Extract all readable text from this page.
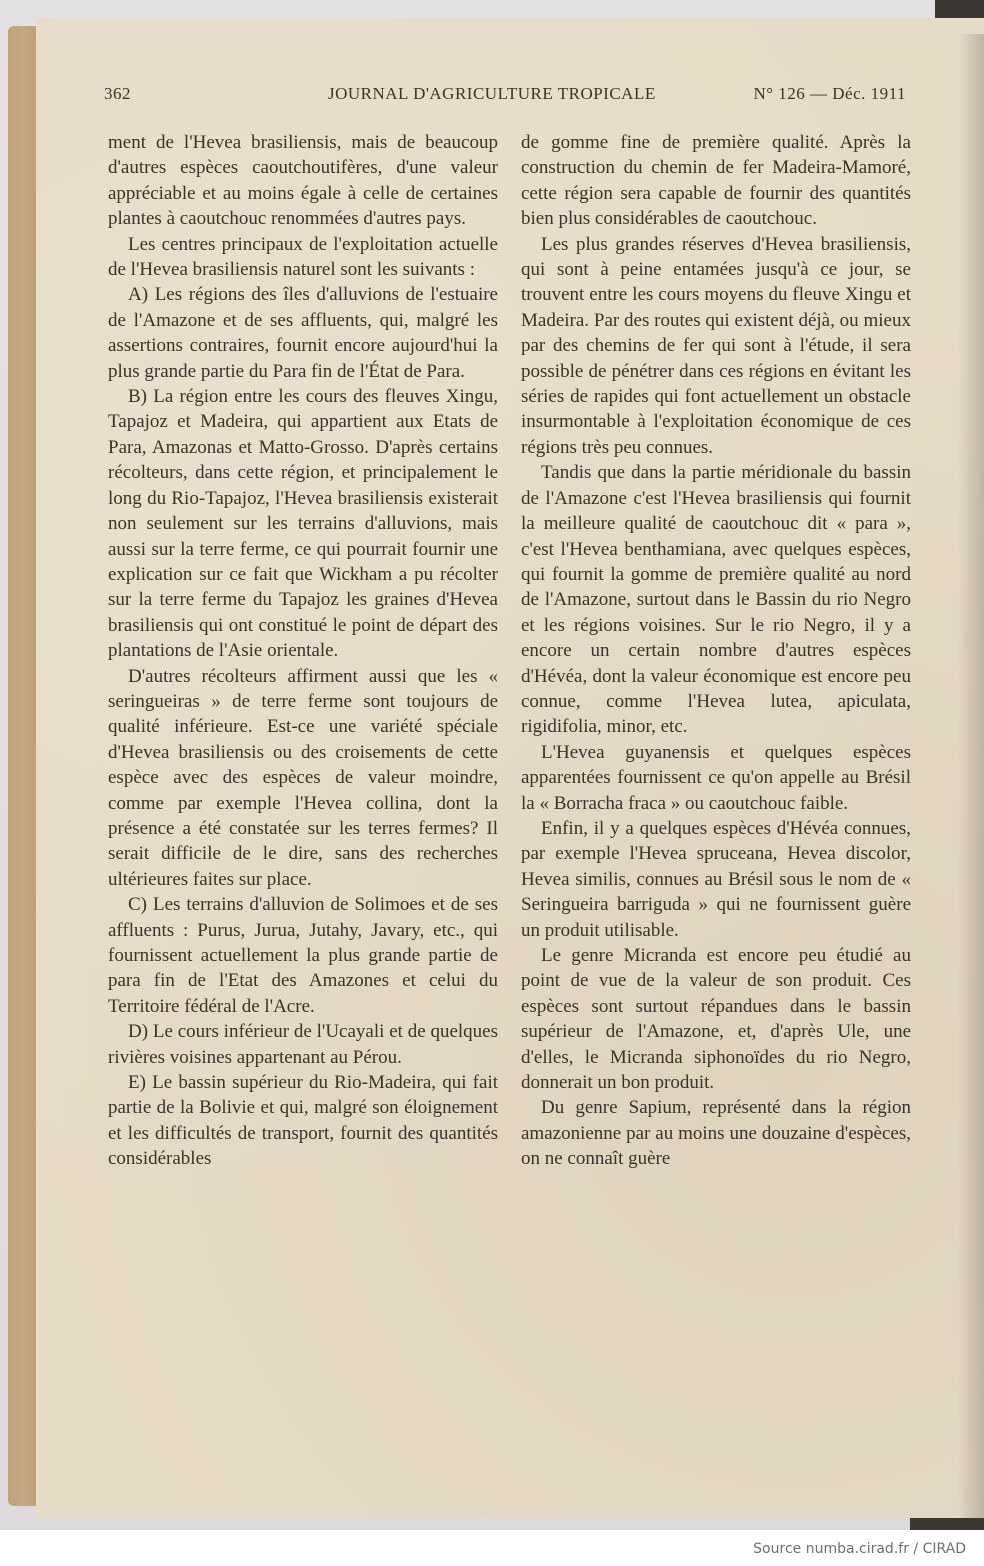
362	JOURNAL D'AGRICULTURE TROPICALE	N° 126 — Déc. 1911

ment de l'Hevea brasiliensis, mais de beaucoup d'autres espèces caoutchoutifères, d'une valeur appréciable et au moins égale à celle de certaines plantes à caoutchouc renommées d'autres pays.

Les centres principaux de l'exploitation actuelle de l'Hevea brasiliensis naturel sont les suivants :

A) Les régions des îles d'alluvions de l'estuaire de l'Amazone et de ses affluents, qui, malgré les assertions contraires, fournit encore aujourd'hui la plus grande partie du Para fin de l'État de Para.

B) La région entre les cours des fleuves Xingu, Tapajoz et Madeira, qui appartient aux Etats de Para, Amazonas et Matto-Grosso. D'après certains récolteurs, dans cette région, et principalement le long du Rio-Tapajoz, l'Hevea brasiliensis existerait non seulement sur les terrains d'alluvions, mais aussi sur la terre ferme, ce qui pourrait fournir une explication sur ce fait que Wickham a pu récolter sur la terre ferme du Tapajoz les graines d'Hevea brasiliensis qui ont constitué le point de départ des plantations de l'Asie orientale.

D'autres récolteurs affirment aussi que les « seringueiras » de terre ferme sont toujours de qualité inférieure. Est-ce une variété spéciale d'Hevea brasiliensis ou des croisements de cette espèce avec des espèces de valeur moindre, comme par exemple l'Hevea collina, dont la présence a été constatée sur les terres fermes? Il serait difficile de le dire, sans des recherches ultérieures faites sur place.

C) Les terrains d'alluvion de Solimoes et de ses affluents : Purus, Jurua, Jutahy, Javary, etc., qui fournissent actuellement la plus grande partie de para fin de l'Etat des Amazones et celui du Territoire fédéral de l'Acre.

D) Le cours inférieur de l'Ucayali et de quelques rivières voisines appartenant au Pérou.

E) Le bassin supérieur du Rio-Madeira, qui fait partie de la Bolivie et qui, malgré son éloignement et les difficultés de transport, fournit des quantités considérables

de gomme fine de première qualité. Après la construction du chemin de fer Madeira-Mamoré, cette région sera capable de fournir des quantités bien plus considérables de caoutchouc.

Les plus grandes réserves d'Hevea brasiliensis, qui sont à peine entamées jusqu'à ce jour, se trouvent entre les cours moyens du fleuve Xingu et Madeira. Par des routes qui existent déjà, ou mieux par des chemins de fer qui sont à l'étude, il sera possible de pénétrer dans ces régions en évitant les séries de rapides qui font actuellement un obstacle insurmontable à l'exploitation économique de ces régions très peu connues.

Tandis que dans la partie méridionale du bassin de l'Amazone c'est l'Hevea brasiliensis qui fournit la meilleure qualité de caoutchouc dit « para », c'est l'Hevea benthamiana, avec quelques espèces, qui fournit la gomme de première qualité au nord de l'Amazone, surtout dans le Bassin du rio Negro et les régions voisines. Sur le rio Negro, il y a encore un certain nombre d'autres espèces d'Hévéa, dont la valeur économique est encore peu connue, comme l'Hevea lutea, apiculata, rigidifolia, minor, etc.

L'Hevea guyanensis et quelques espèces apparentées fournissent ce qu'on appelle au Brésil la « Borracha fraca » ou caoutchouc faible.

Enfin, il y a quelques espèces d'Hévéa connues, par exemple l'Hevea spruceana, Hevea discolor, Hevea similis, connues au Brésil sous le nom de « Seringueira barriguda » qui ne fournissent guère un produit utilisable.

Le genre Micranda est encore peu étudié au point de vue de la valeur de son produit. Ces espèces sont surtout répandues dans le bassin supérieur de l'Amazone, et, d'après Ule, une d'elles, le Micranda siphonoïdes du rio Negro, donnerait un bon produit.

Du genre Sapium, représenté dans la région amazonienne par au moins une douzaine d'espèces, on ne connaît guère

Source numba.cirad.fr / CIRAD
